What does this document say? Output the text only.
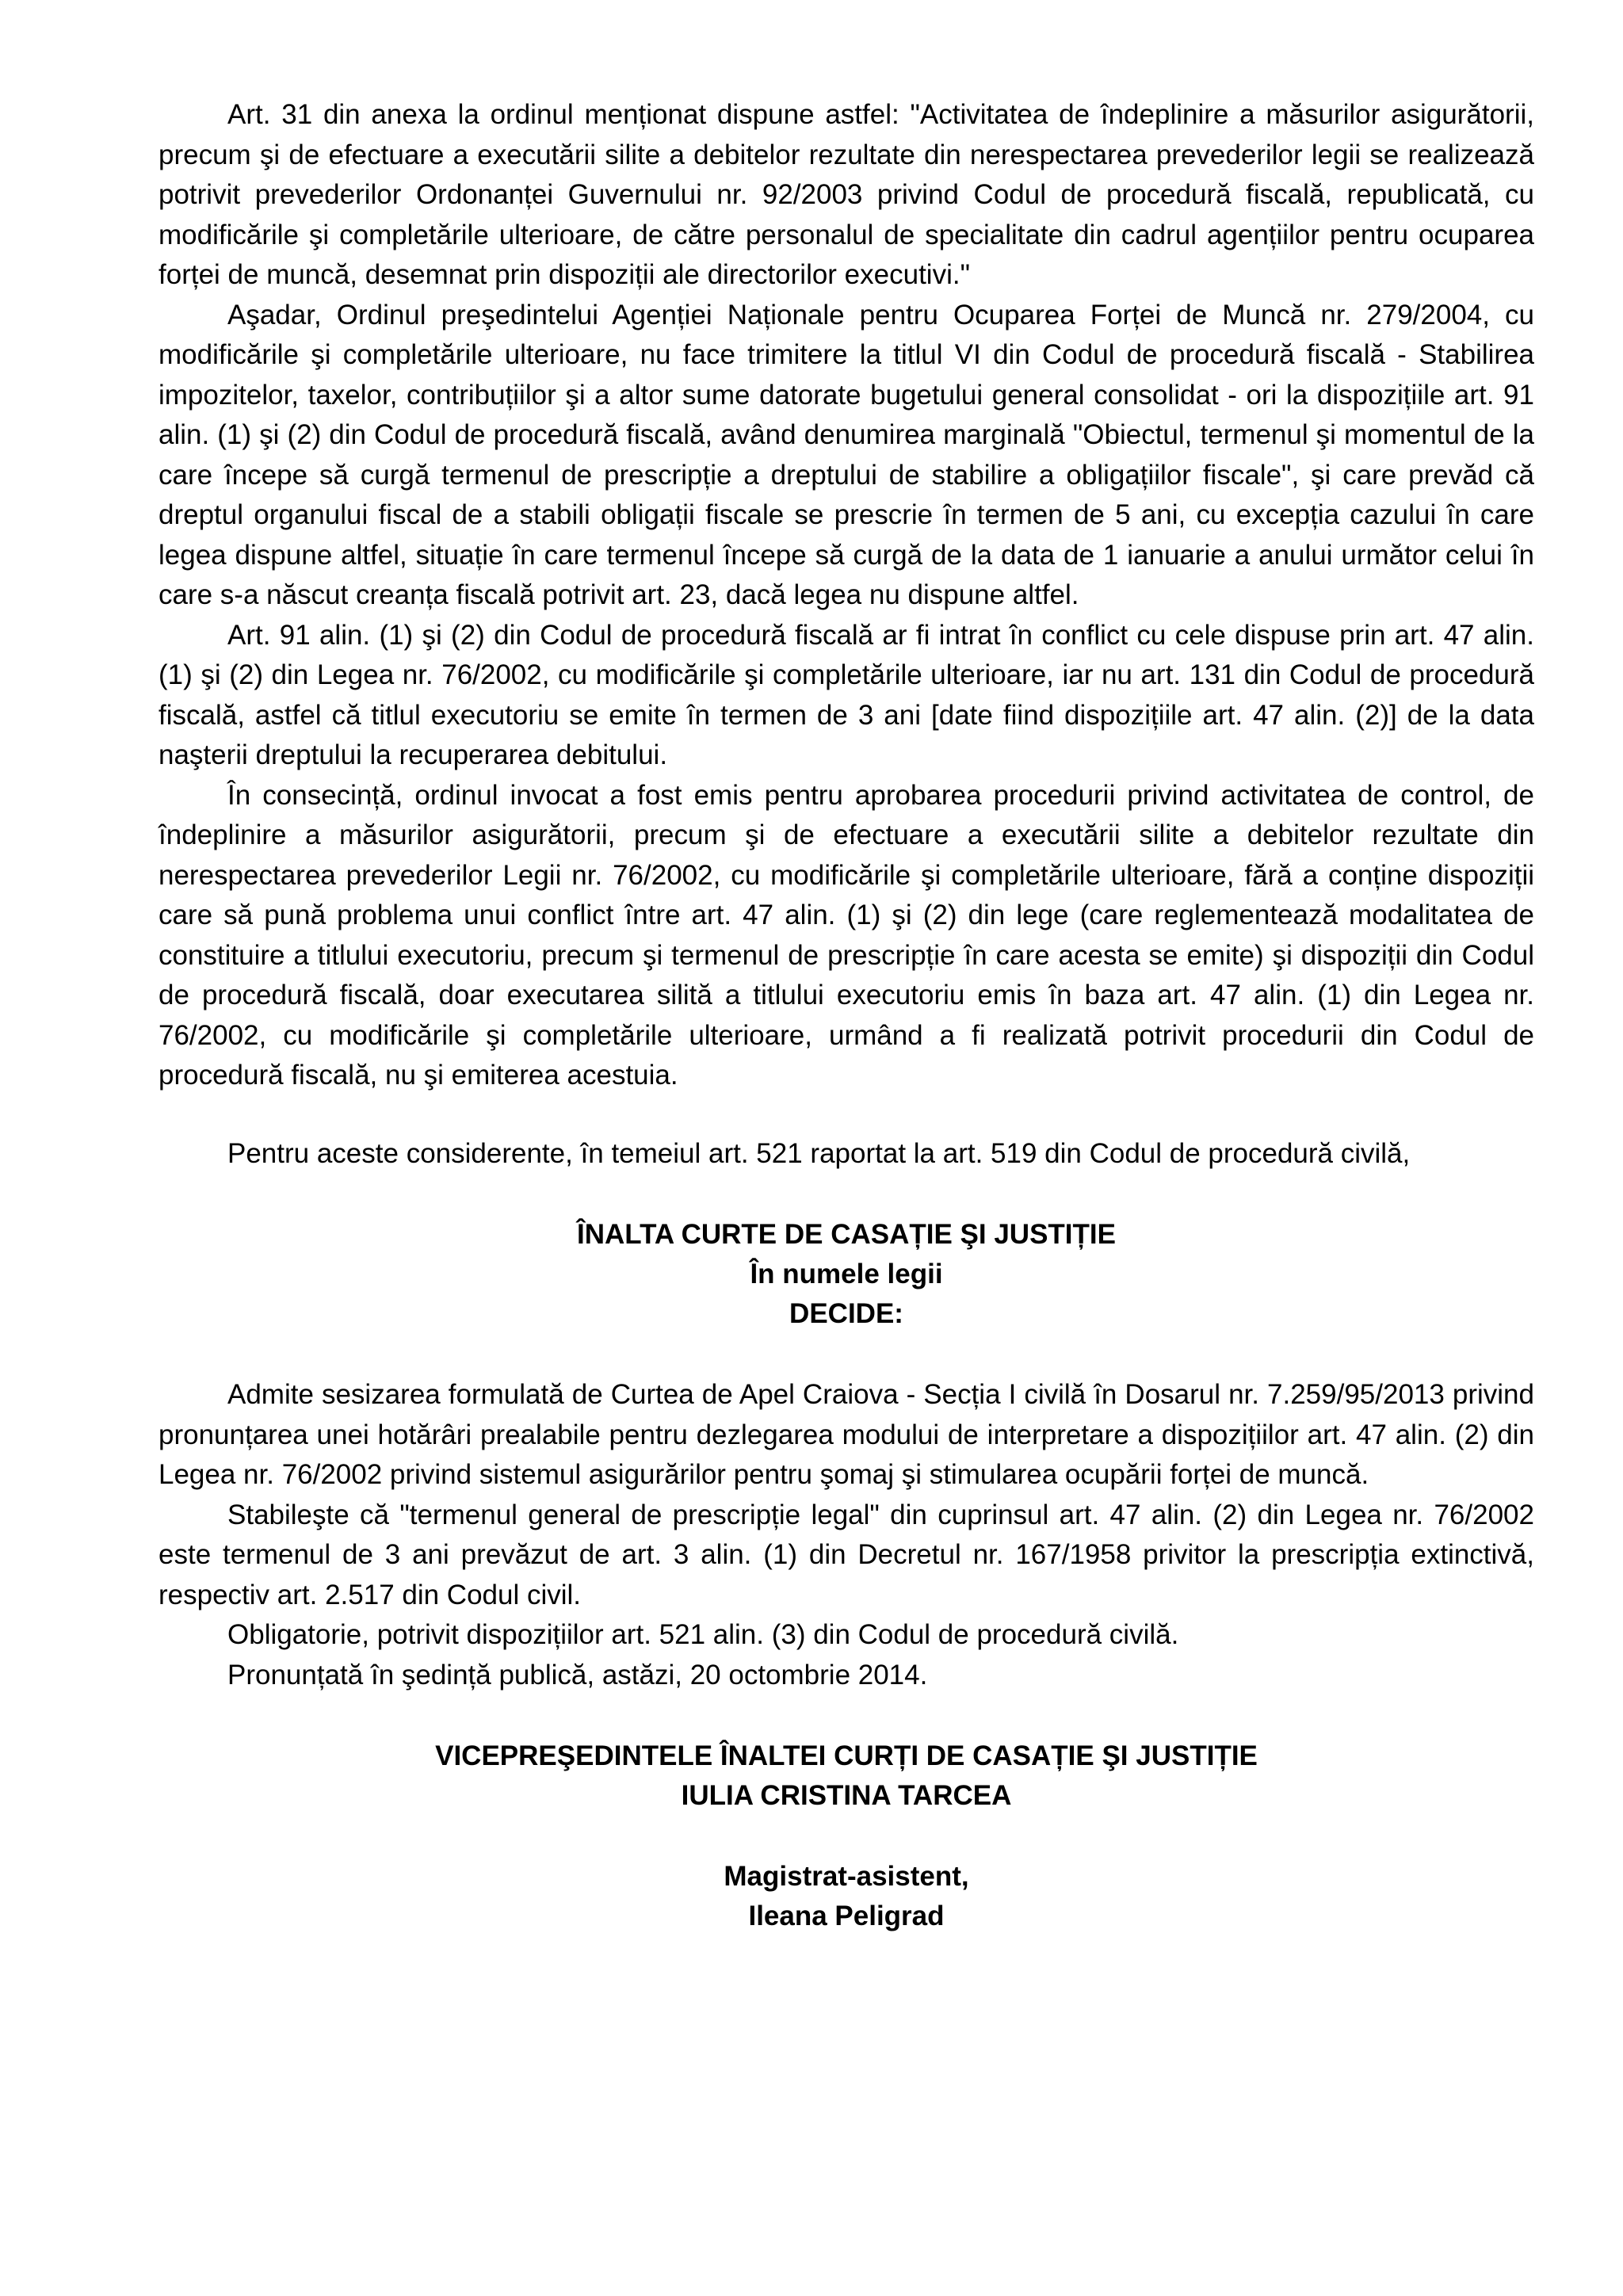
Art. 31 din anexa la ordinul menționat dispune astfel: "Activitatea de îndeplinire a măsurilor asigurătorii, precum şi de efectuare a executării silite a debitelor rezultate din nerespectarea prevederilor legii se realizează potrivit prevederilor Ordonanței Guvernului nr. 92/2003 privind Codul de procedură fiscală, republicată, cu modificările şi completările ulterioare, de către personalul de specialitate din cadrul agențiilor pentru ocuparea forței de muncă, desemnat prin dispoziții ale directorilor executivi."

Aşadar, Ordinul preşedintelui Agenției Naționale pentru Ocuparea Forței de Muncă nr. 279/2004, cu modificările şi completările ulterioare, nu face trimitere la titlul VI din Codul de procedură fiscală - Stabilirea impozitelor, taxelor, contribuțiilor şi a altor sume datorate bugetului general consolidat - ori la dispozițiile art. 91 alin. (1) şi (2) din Codul de procedură fiscală, având denumirea marginală "Obiectul, termenul şi momentul de la care începe să curgă termenul de prescripție a dreptului de stabilire a obligațiilor fiscale", şi care prevăd că dreptul organului fiscal de a stabili obligații fiscale se prescrie în termen de 5 ani, cu excepția cazului în care legea dispune altfel, situație în care termenul începe să curgă de la data de 1 ianuarie a anului următor celui în care s-a născut creanța fiscală potrivit art. 23, dacă legea nu dispune altfel.

Art. 91 alin. (1) şi (2) din Codul de procedură fiscală ar fi intrat în conflict cu cele dispuse prin art. 47 alin. (1) şi (2) din Legea nr. 76/2002, cu modificările şi completările ulterioare, iar nu art. 131 din Codul de procedură fiscală, astfel că titlul executoriu se emite în termen de 3 ani [date fiind dispozițiile art. 47 alin. (2)] de la data naşterii dreptului la recuperarea debitului.

În consecință, ordinul invocat a fost emis pentru aprobarea procedurii privind activitatea de control, de îndeplinire a măsurilor asigurătorii, precum şi de efectuare a executării silite a debitelor rezultate din nerespectarea prevederilor Legii nr. 76/2002, cu modificările şi completările ulterioare, fără a conține dispoziții care să pună problema unui conflict între art. 47 alin. (1) şi (2) din lege (care reglementează modalitatea de constituire a titlului executoriu, precum şi termenul de prescripție în care acesta se emite) şi dispoziții din Codul de procedură fiscală, doar executarea silită a titlului executoriu emis în baza art. 47 alin. (1) din Legea nr. 76/2002, cu modificările şi completările ulterioare, urmând a fi realizată potrivit procedurii din Codul de procedură fiscală, nu şi emiterea acestuia.

Pentru aceste considerente, în temeiul art. 521 raportat la art. 519 din Codul de procedură civilă,

ÎNALTA CURTE DE CASAȚIE ŞI JUSTIȚIE
În numele legii
DECIDE:

Admite sesizarea formulată de Curtea de Apel Craiova - Secția I civilă în Dosarul nr. 7.259/95/2013 privind pronunțarea unei hotărâri prealabile pentru dezlegarea modului de interpretare a dispozițiilor art. 47 alin. (2) din Legea nr. 76/2002 privind sistemul asigurărilor pentru şomaj şi stimularea ocupării forței de muncă.

Stabileşte că "termenul general de prescripție legal" din cuprinsul art. 47 alin. (2) din Legea nr. 76/2002 este termenul de 3 ani prevăzut de art. 3 alin. (1) din Decretul nr. 167/1958 privitor la prescripția extinctivă, respectiv art. 2.517 din Codul civil.

Obligatorie, potrivit dispozițiilor art. 521 alin. (3) din Codul de procedură civilă.

Pronunțată în şedință publică, astăzi, 20 octombrie 2014.

VICEPREŞEDINTELE ÎNALTEI CURȚI DE CASAȚIE ŞI JUSTIȚIE
IULIA CRISTINA TARCEA
Magistrat-asistent,
Ileana Peligrad
